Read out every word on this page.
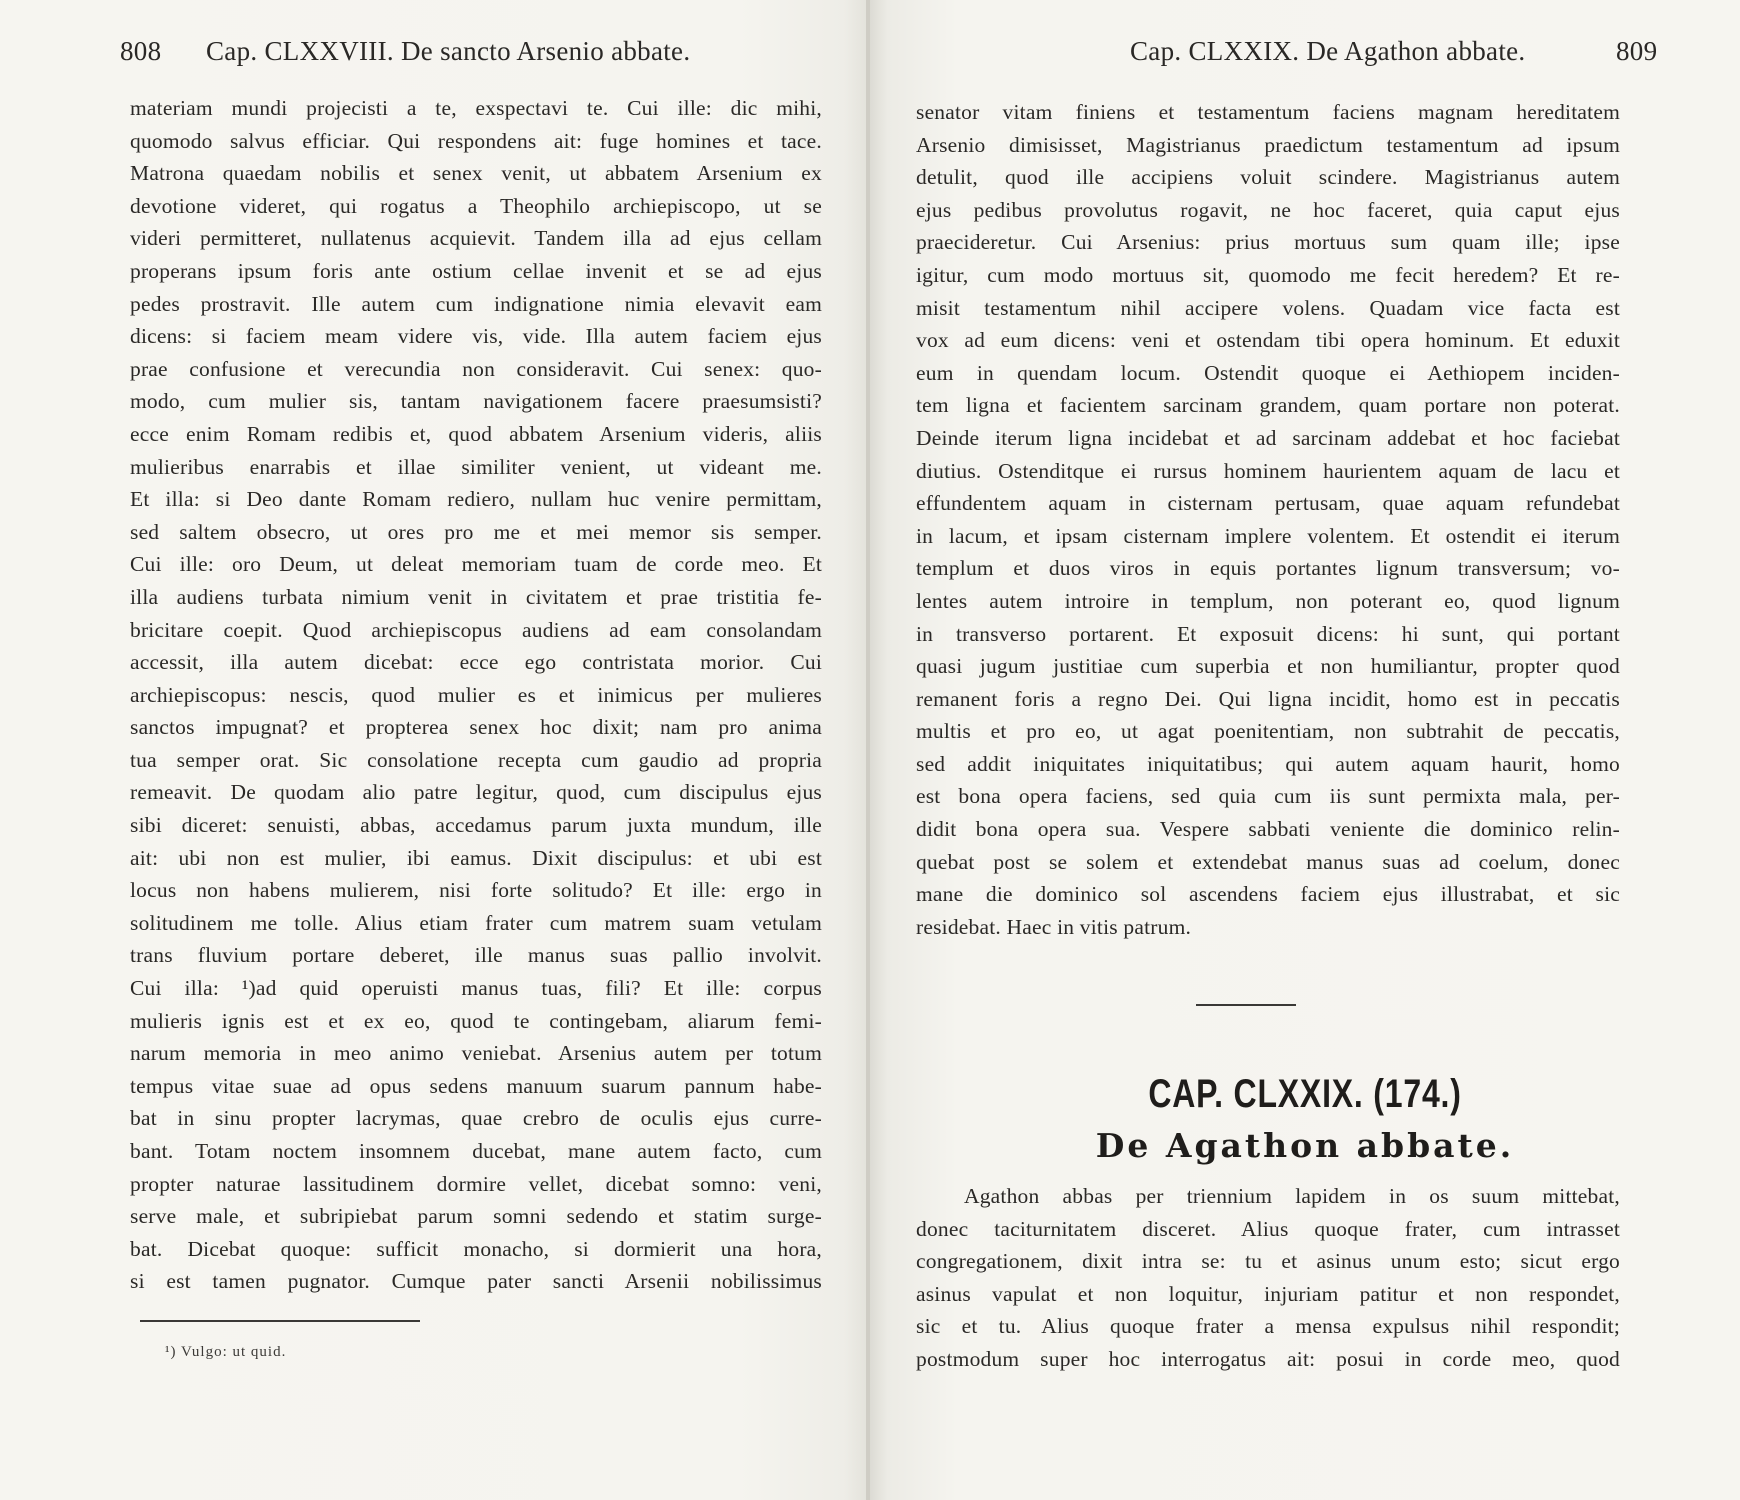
808 Cap. CLXXVIII. De sancto Arsenio abbate.
materiam mundi projecisti a te, exspectavi te. Cui ille: dic mihi,
quomodo salvus efficiar. Qui respondens ait: fuge homines et tace.
Matrona quaedam nobilis et senex venit, ut abbatem Arsenium ex
devotione videret, qui rogatus a Theophilo archiepiscopo, ut se
videri permitteret, nullatenus acquievit. Tandem illa ad ejus cellam
properans ipsum foris ante ostium cellae invenit et se ad ejus
pedes prostravit. Ille autem cum indignatione nimia elevavit eam
dicens: si faciem meam videre vis, vide. Illa autem faciem ejus
prae confusione et verecundia non consideravit. Cui senex: quo-
modo, cum mulier sis, tantam navigationem facere praesumsisti?
ecce enim Romam redibis et, quod abbatem Arsenium videris, aliis
mulieribus enarrabis et illae similiter venient, ut videant me.
Et illa: si Deo dante Romam rediero, nullam huc venire permittam,
sed saltem obsecro, ut ores pro me et mei memor sis semper.
Cui ille: oro Deum, ut deleat memoriam tuam de corde meo. Et
illa audiens turbata nimium venit in civitatem et prae tristitia fe-
bricitare coepit. Quod archiepiscopus audiens ad eam consolandam
accessit, illa autem dicebat: ecce ego contristata morior. Cui
archiepiscopus: nescis, quod mulier es et inimicus per mulieres
sanctos impugnat? et propterea senex hoc dixit; nam pro anima
tua semper orat. Sic consolatione recepta cum gaudio ad propria
remeavit. De quodam alio patre legitur, quod, cum discipulus ejus
sibi diceret: senuisti, abbas, accedamus parum juxta mundum, ille
ait: ubi non est mulier, ibi eamus. Dixit discipulus: et ubi est
locus non habens mulierem, nisi forte solitudo? Et ille: ergo in
solitudinem me tolle. Alius etiam frater cum matrem suam vetulam
trans fluvium portare deberet, ille manus suas pallio involvit.
Cui illa: ¹)ad quid operuisti manus tuas, fili? Et ille: corpus
mulieris ignis est et ex eo, quod te contingebam, aliarum femi-
narum memoria in meo animo veniebat. Arsenius autem per totum
tempus vitae suae ad opus sedens manuum suarum pannum habe-
bat in sinu propter lacrymas, quae crebro de oculis ejus curre-
bant. Totam noctem insomnem ducebat, mane autem facto, cum
propter naturae lassitudinem dormire vellet, dicebat somno: veni,
serve male, et subripiebat parum somni sedendo et statim surge-
bat. Dicebat quoque: sufficit monacho, si dormierit una hora,
si est tamen pugnator. Cumque pater sancti Arsenii nobilissimus
¹) Vulgo: ut quid.
Cap. CLXXIX. De Agathon abbate.	809
senator vitam finiens et testamentum faciens magnam hereditatem
Arsenio dimisisset, Magistrianus praedictum testamentum ad ipsum
detulit, quod ille accipiens voluit scindere. Magistrianus autem
ejus pedibus provolutus rogavit, ne hoc faceret, quia caput ejus
praecideretur. Cui Arsenius: prius mortuus sum quam ille; ipse
igitur, cum modo mortuus sit, quomodo me fecit heredem? Et re-
misit testamentum nihil accipere volens. Quadam vice facta est
vox ad eum dicens: veni et ostendam tibi opera hominum. Et eduxit
eum in quendam locum. Ostendit quoque ei Aethiopem inciden-
tem ligna et facientem sarcinam grandem, quam portare non poterat.
Deinde iterum ligna incidebat et ad sarcinam addebat et hoc faciebat
diutius. Ostenditque ei rursus hominem haurientem aquam de lacu et
effundentem aquam in cisternam pertusam, quae aquam refundebat
in lacum, et ipsam cisternam implere volentem. Et ostendit ei iterum
templum et duos viros in equis portantes lignum transversum; vo-
lentes autem introire in templum, non poterant eo, quod lignum
in transverso portarent. Et exposuit dicens: hi sunt, qui portant
quasi jugum justitiae cum superbia et non humiliantur, propter quod
remanent foris a regno Dei. Qui ligna incidit, homo est in peccatis
multis et pro eo, ut agat poenitentiam, non subtrahit de peccatis,
sed addit iniquitates iniquitatibus; qui autem aquam haurit, homo
est bona opera faciens, sed quia cum iis sunt permixta mala, per-
didit bona opera sua. Vespere sabbati veniente die dominico relin-
quebat post se solem et extendebat manus suas ad coelum, donec
mane die dominico sol ascendens faciem ejus illustrabat, et sic
residebat. Haec in vitis patrum.
CAP. CLXXIX. (174.)
De Agathon abbate.
Agathon abbas per triennium lapidem in os suum mittebat,
donec taciturnitatem disceret. Alius quoque frater, cum intrasset
congregationem, dixit intra se: tu et asinus unum esto; sicut ergo
asinus vapulat et non loquitur, injuriam patitur et non respondet,
sic et tu. Alius quoque frater a mensa expulsus nihil respondit;
postmodum super hoc interrogatus ait: posui in corde meo, quod
